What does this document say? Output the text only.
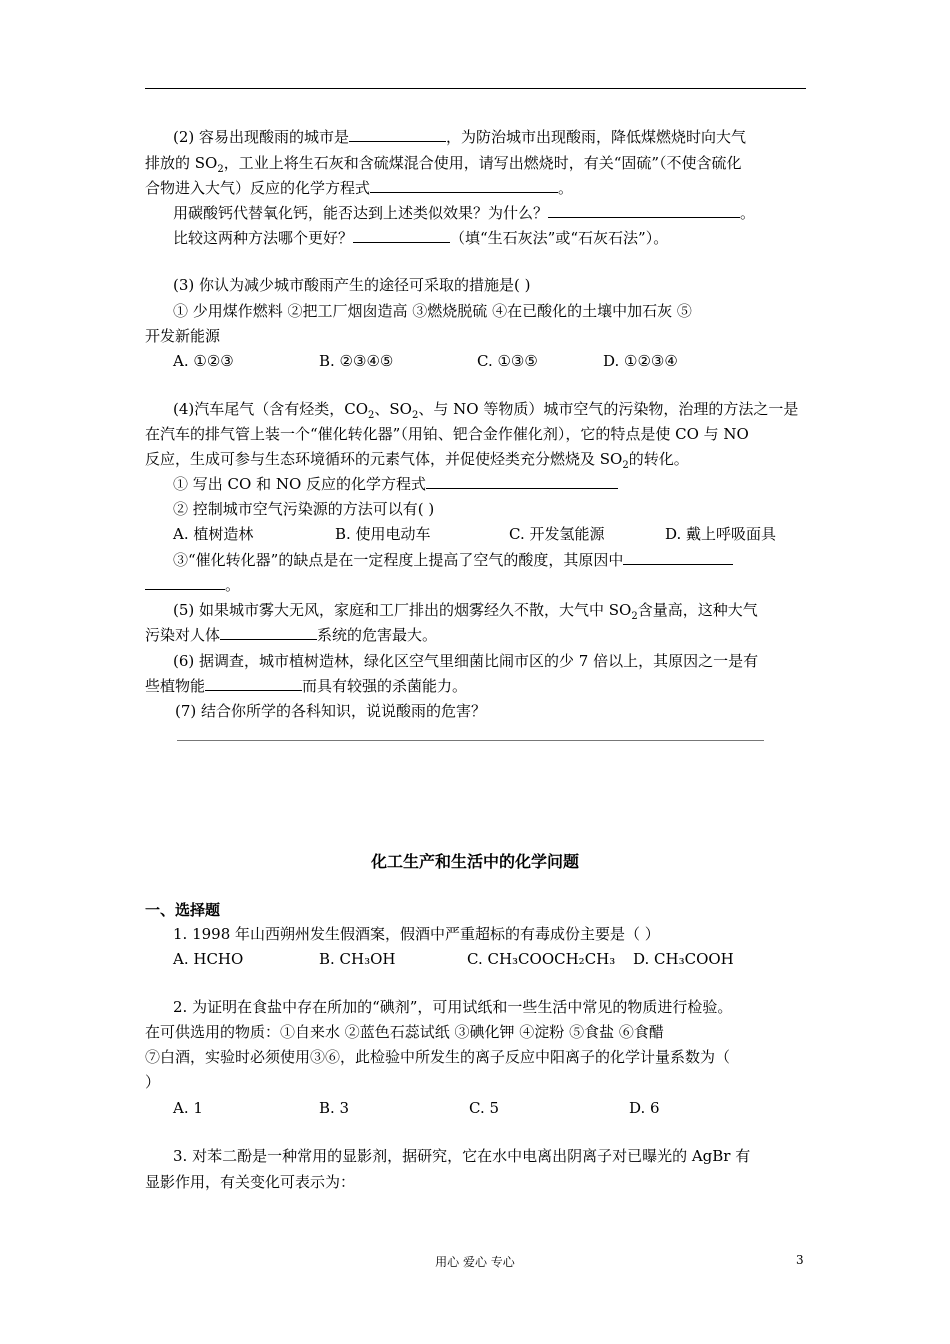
(2) 容易出现酸雨的城市是	，为防治城市出现酸雨，降低煤燃烧时向大气
排放的 $SO_2$，工业上将生石灰和含硫煤混合使用，请写出燃烧时，有关“固硫”（不使含硫化
合物进入大气）反应的化学方程式	。
用碳酸钙代替氧化钙，能否达到上述类似效果？为什么？	。
比较这两种方法哪个更好？	（填“生石灰法”或“石灰石法”）。
(3) 你认为减少城市酸雨产生的途径可采取的措施是( )
① 少用煤作燃料 ②把工厂烟囱造高 ③燃烧脱硫 ④在已酸化的土壤中加石灰 ⑤
开发新能源
A. ①②③	B. ②③④⑤	C. ①③⑤	D. ①②③④
(4)汽车尾气（含有烃类，$CO_2$、$SO_2$、与 NO 等物质）城市空气的污染物，治理的方法之一是
在汽车的排气管上装一个“催化转化器”（用铂、钯合金作催化剂），它的特点是使 CO 与 NO
反应，生成可参与生态环境循环的元素气体，并促使烃类充分燃烧及 $SO_2$的转化。
① 写出 CO 和 NO 反应的化学方程式
② 控制城市空气污染源的方法可以有( )
A. 植树造林	B. 使用电动车	C. 开发氢能源	D. 戴上呼吸面具
③“催化转化器”的缺点是在一定程度上提高了空气的酸度，其原因中
。
(5) 如果城市雾大无风，家庭和工厂排出的烟雾经久不散，大气中 $SO_2$含量高，这种大气
污染对人体	系统的危害最大。
(6) 据调查，城市植树造林，绿化区空气里细菌比闹市区的少 7 倍以上，其原因之一是有
些植物能	而具有较强的杀菌能力。
(7) 结合你所学的各科知识，说说酸雨的危害？
化工生产和生活中的化学问题
一、选择题
1. 1998 年山西朔州发生假酒案，假酒中严重超标的有毒成份主要是（ ）
A. HCHO	B. CH₃OH	C. CH₃COOCH₂CH₃ D. CH₃COOH
2. 为证明在食盐中存在所加的“碘剂”，可用试纸和一些生活中常见的物质进行检验。
在可供选用的物质：①自来水 ②蓝色石蕊试纸 ③碘化钾 ④淀粉 ⑤食盐 ⑥食醋
⑦白酒，实验时必须使用③⑥，此检验中所发生的离子反应中阳离子的化学计量系数为（
）
A. 1	B. 3	C. 5	D. 6
3. 对苯二酚是一种常用的显影剂，据研究，它在水中电离出阴离子对已曝光的 AgBr 有
显影作用，有关变化可表示为：
用心 爱心 专心	3
